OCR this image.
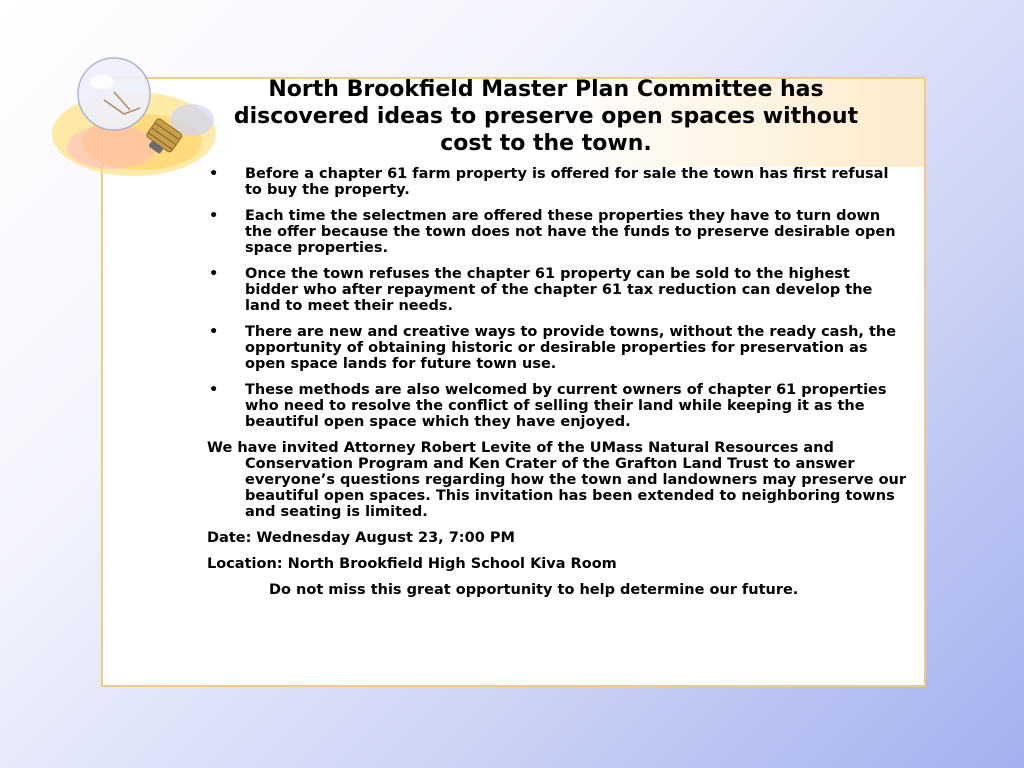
North Brookfield Master Plan Committee has discovered ideas to preserve open spaces without cost to the town.
• Before a chapter 61 farm property is offered for sale the town has first refusal to buy the property.
• Each time the selectmen are offered these properties they have to turn down the offer because the town does not have the funds to preserve desirable open space properties.
• Once the town refuses the chapter 61 property can be sold to the highest bidder who after repayment of the chapter 61 tax reduction can develop the land to meet their needs.
• There are new and creative ways to provide towns, without the ready cash, the opportunity of obtaining historic or desirable properties for preservation as open space lands for future town use.
• These methods are also welcomed by current owners of chapter 61 properties who need to resolve the conflict of selling their land while keeping it as the beautiful open space which they have enjoyed.

We have invited Attorney Robert Levite of the UMass Natural Resources and Conservation Program and Ken Crater of the Grafton Land Trust to answer everyone’s questions regarding how the town and landowners may preserve our beautiful open spaces. This invitation has been extended to neighboring towns and seating is limited.

Date: Wednesday August 23, 7:00 PM

Location: North Brookfield High School Kiva Room

Do not miss this great opportunity to help determine our future.
